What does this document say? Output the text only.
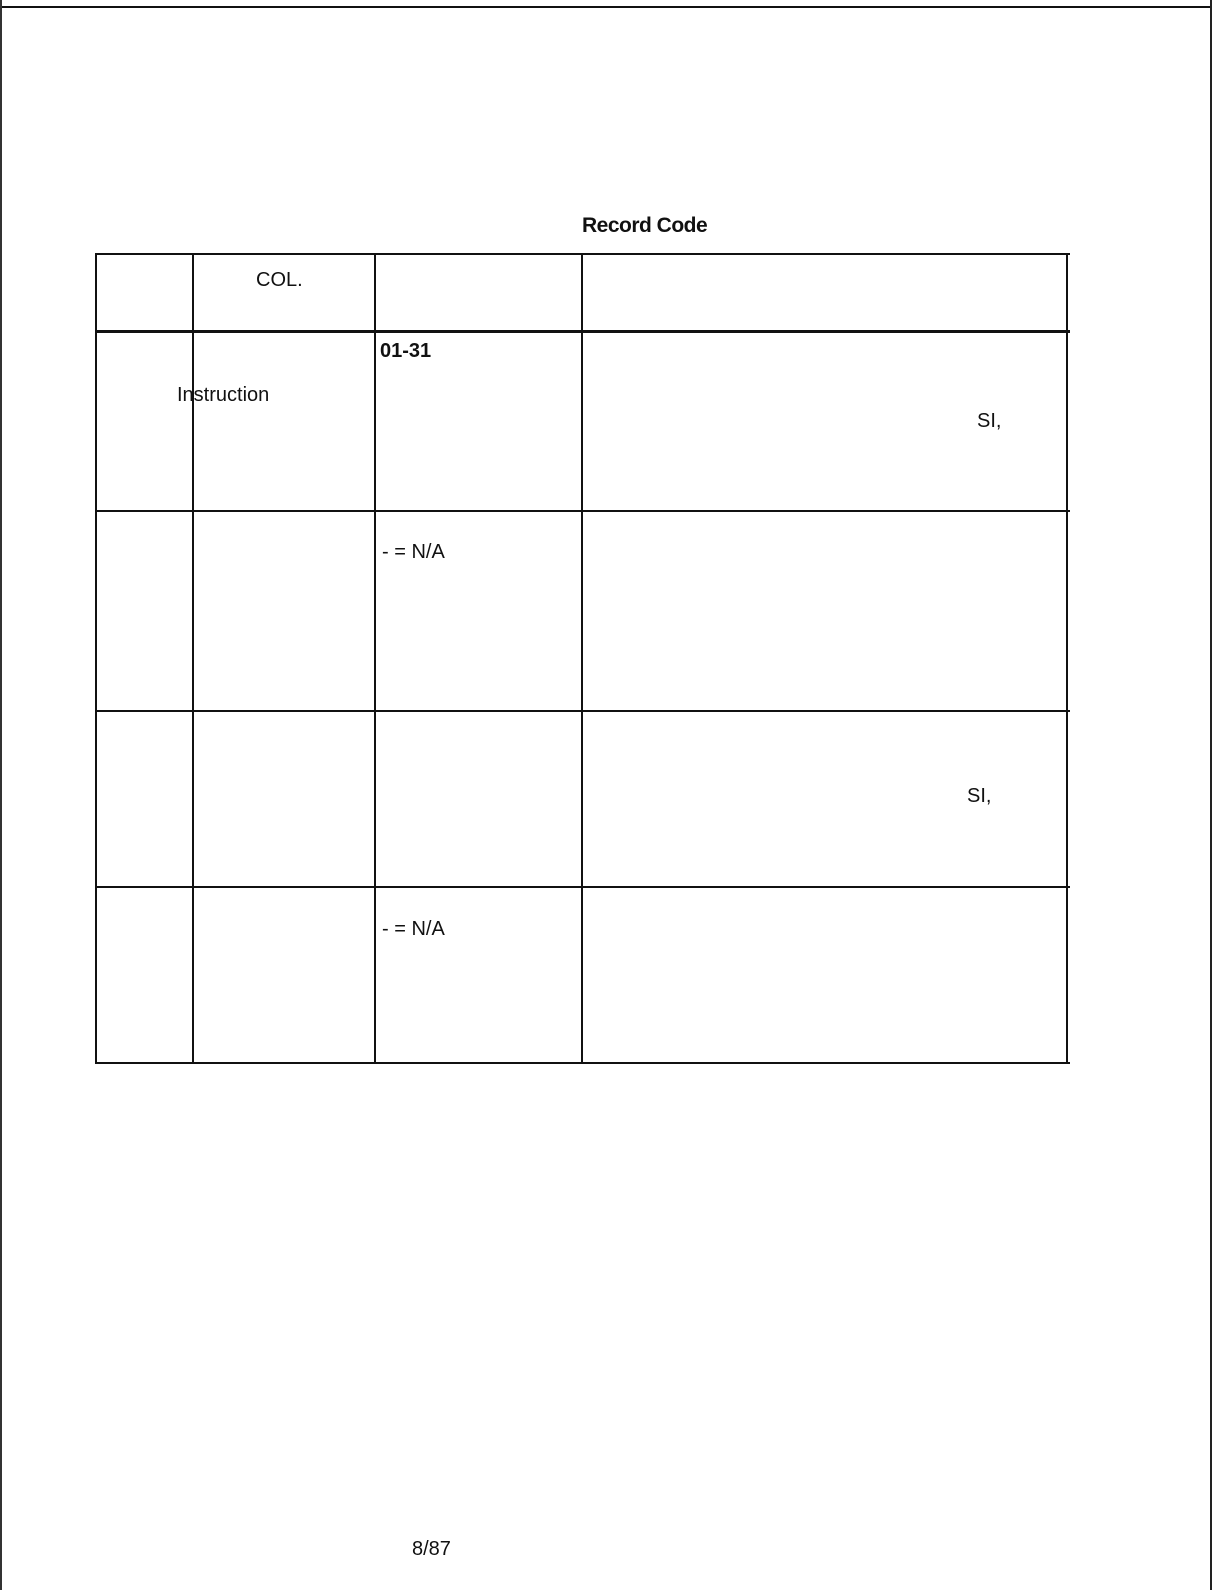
Record Code
COL.
Instruction
01-31
SI,
- = N/A
SI,
- = N/A
8/87
